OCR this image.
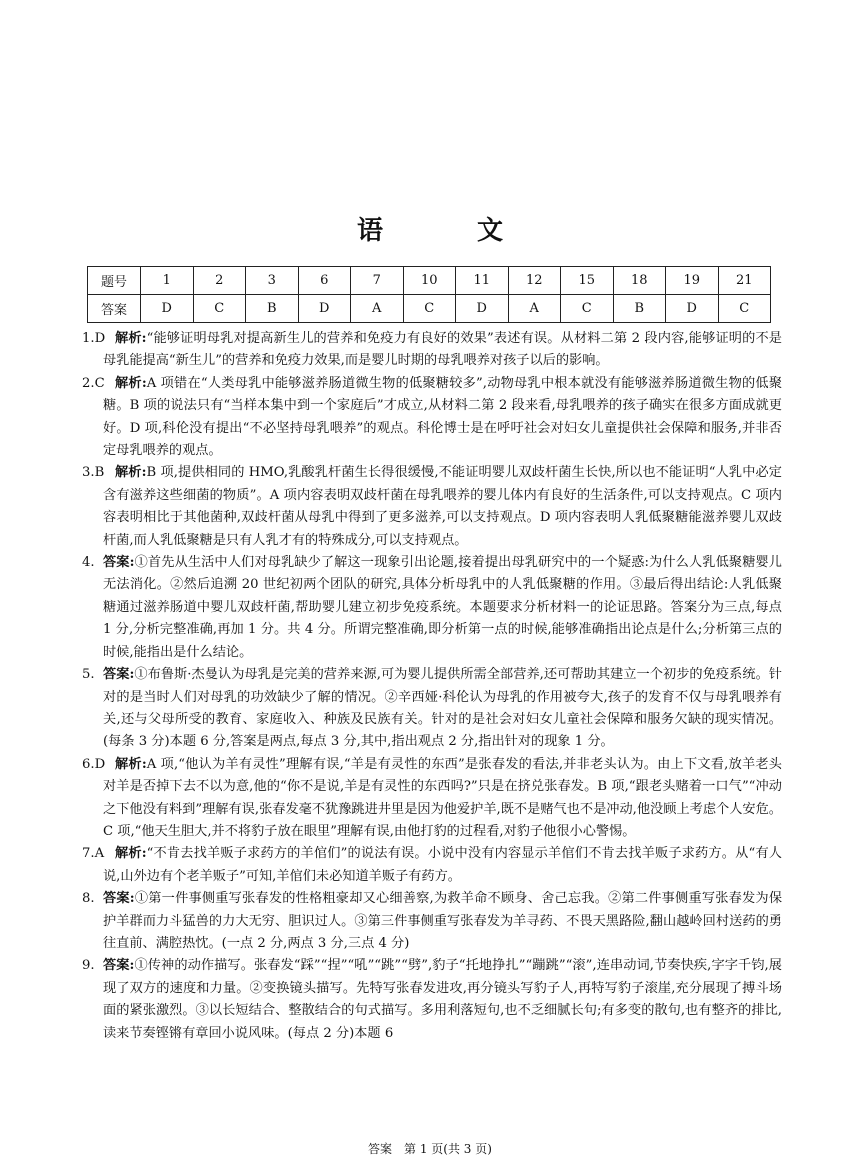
语　文
题号	1	2	3	6	7	10	11	12	15	18	19	21
答案	D	C	B	D	A	C	D	A	C	B	D	C
1.D 解析:“能够证明母乳对提高新生儿的营养和免疫力有良好的效果”表述有误。从材料二第 2 段内容,能够证明的不是母乳能提高“新生儿”的营养和免疫力效果,而是婴儿时期的母乳喂养对孩子以后的影响。
2.C 解析:A 项错在“人类母乳中能够滋养肠道微生物的低聚糖较多”,动物母乳中根本就没有能够滋养肠道微生物的低聚糖。B 项的说法只有“当样本集中到一个家庭后”才成立,从材料二第 2 段来看,母乳喂养的孩子确实在很多方面成就更好。D 项,科伦没有提出“不必坚持母乳喂养”的观点。科伦博士是在呼吁社会对妇女儿童提供社会保障和服务,并非否定母乳喂养的观点。
3.B 解析:B 项,提供相同的 HMO,乳酸乳杆菌生长得很缓慢,不能证明婴儿双歧杆菌生长快,所以也不能证明“人乳中必定含有滋养这些细菌的物质”。A 项内容表明双歧杆菌在母乳喂养的婴儿体内有良好的生活条件,可以支持观点。C 项内容表明相比于其他菌种,双歧杆菌从母乳中得到了更多滋养,可以支持观点。D 项内容表明人乳低聚糖能滋养婴儿双歧杆菌,而人乳低聚糖是只有人乳才有的特殊成分,可以支持观点。
4. 答案:①首先从生活中人们对母乳缺少了解这一现象引出论题,接着提出母乳研究中的一个疑惑:为什么人乳低聚糖婴儿无法消化。②然后追溯 20 世纪初两个团队的研究,具体分析母乳中的人乳低聚糖的作用。③最后得出结论:人乳低聚糖通过滋养肠道中婴儿双歧杆菌,帮助婴儿建立初步免疫系统。本题要求分析材料一的论证思路。答案分为三点,每点 1 分,分析完整准确,再加 1 分。共 4 分。所谓完整准确,即分析第一点的时候,能够准确指出论点是什么;分析第三点的时候,能指出是什么结论。
5. 答案:①布鲁斯·杰曼认为母乳是完美的营养来源,可为婴儿提供所需全部营养,还可帮助其建立一个初步的免疫系统。针对的是当时人们对母乳的功效缺少了解的情况。②辛西娅·科伦认为母乳的作用被夸大,孩子的发育不仅与母乳喂养有关,还与父母所受的教育、家庭收入、种族及民族有关。针对的是社会对妇女儿童社会保障和服务欠缺的现实情况。(每条 3 分)本题 6 分,答案是两点,每点 3 分,其中,指出观点 2 分,指出针对的现象 1 分。
6.D 解析:A 项,“他认为羊有灵性”理解有误,“羊是有灵性的东西”是张春发的看法,并非老头认为。由上下文看,放羊老头对羊是否掉下去不以为意,他的“你不是说,羊是有灵性的东西吗?”只是在挤兑张春发。B 项,“跟老头赌着一口气”“冲动之下他没有料到”理解有误,张春发毫不犹豫跳进井里是因为他爱护羊,既不是赌气也不是冲动,他没顾上考虑个人安危。C 项,“他天生胆大,并不将豹子放在眼里”理解有误,由他打豹的过程看,对豹子他很小心警惕。
7.A 解析:“不肯去找羊贩子求药方的羊倌们”的说法有误。小说中没有内容显示羊倌们不肯去找羊贩子求药方。从“有人说,山外边有个老羊贩子”可知,羊倌们未必知道羊贩子有药方。
8. 答案:①第一件事侧重写张春发的性格粗豪却又心细善察,为救羊命不顾身、舍己忘我。②第二件事侧重写张春发为保护羊群而力斗猛兽的力大无穷、胆识过人。③第三件事侧重写张春发为羊寻药、不畏天黑路险,翻山越岭回村送药的勇往直前、满腔热忱。(一点 2 分,两点 3 分,三点 4 分)
9. 答案:①传神的动作描写。张春发“踩”“捏”“吼”“跳”“劈”,豹子“托地挣扎”“蹦跳”“滚”,连串动词,节奏快疾,字字千钧,展现了双方的速度和力量。②变换镜头描写。先特写张春发进攻,再分镜头写豹子人,再特写豹子滚崖,充分展现了搏斗场面的紧张激烈。③以长短结合、整散结合的句式描写。多用利落短句,也不乏细腻长句;有多变的散句,也有整齐的排比,读来节奏铿锵有章回小说风味。(每点 2 分)本题 6
答案　第 1 页(共 3 页)
